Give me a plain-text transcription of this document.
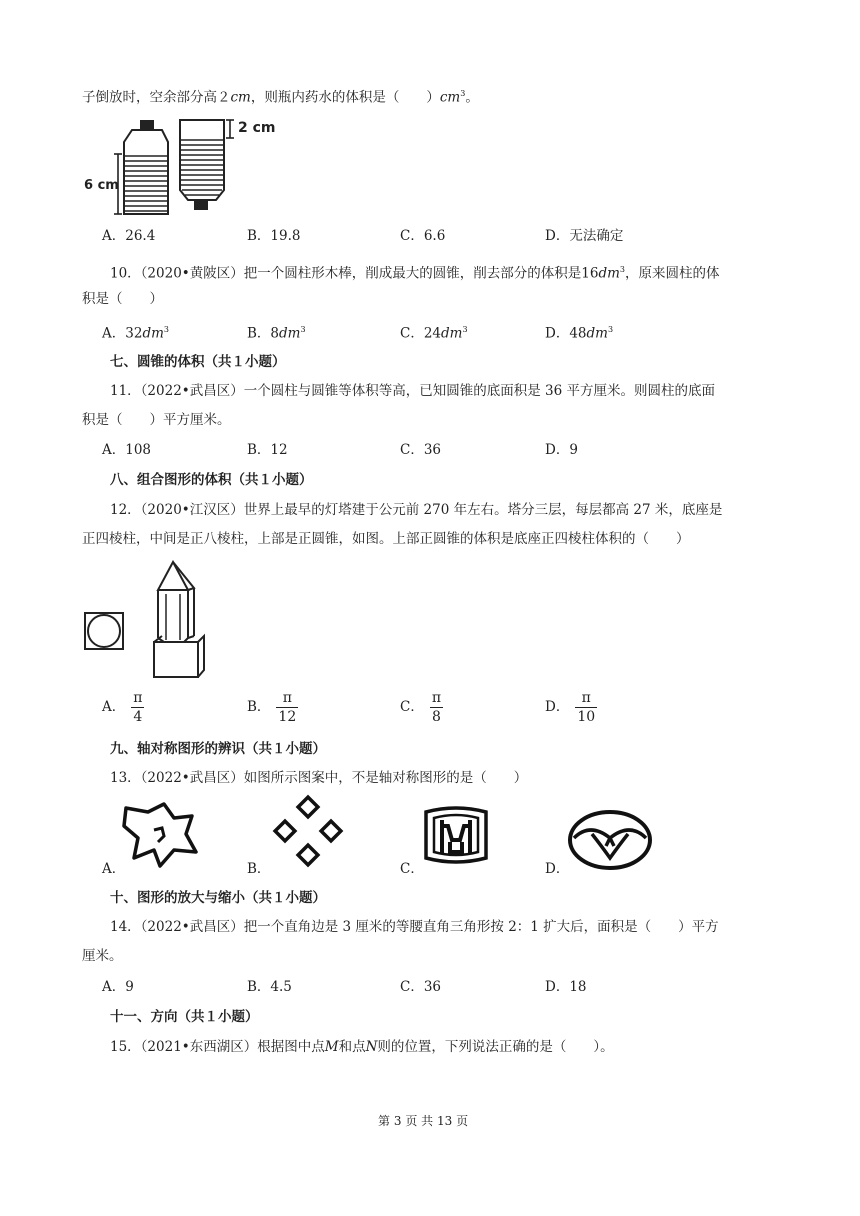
子倒放时，空余部分高２cm，则瓶内药水的体积是（　　）$cm^3$。
2 cm
6 cm
A．26.4	B．19.8	C．6.6	D．无法确定
10．（2020•黄陂区）把一个圆柱形木棒，削成最大的圆锥，削去部分的体积是$16dm^3$，原来圆柱的体
积是（　　）
A．$32dm^3$	B．$8dm^3$	C．$24dm^3$	D．$48dm^3$
七、圆锥的体积（共１小题）
11．（2022•武昌区）一个圆柱与圆锥等体积等高，已知圆锥的底面积是 36 平方厘米。则圆柱的底面
积是（　　）平方厘米。
A．108	B．12	C．36	D．9
八、组合图形的体积（共１小题）
12．（2020•江汉区）世界上最早的灯塔建于公元前 270 年左右。塔分三层，每层都高 27 米，底座是
正四棱柱，中间是正八棱柱，上部是正圆锥，如图。上部正圆锥的体积是底座正四棱柱体积的（　　）
A． $\frac{\pi}{4}$	B． $\frac{\pi}{12}$	C． $\frac{\pi}{8}$	D． $\frac{\pi}{10}$
九、轴对称图形的辨识（共１小题）
13．（2022•武昌区）如图所示图案中，不是轴对称图形的是（　　）
A．	B．	C．	D．
十、图形的放大与缩小（共１小题）
14．（2022•武昌区）把一个直角边是 3 厘米的等腰直角三角形按 2：1 扩大后，面积是（　　）平方
厘米。
A．9	B．4.5	C．36	D．18
十一、方向（共１小题）
15．（2021•东西湖区）根据图中点M和点N则的位置，下列说法正确的是（　　）。
第 3 页 共 13 页
